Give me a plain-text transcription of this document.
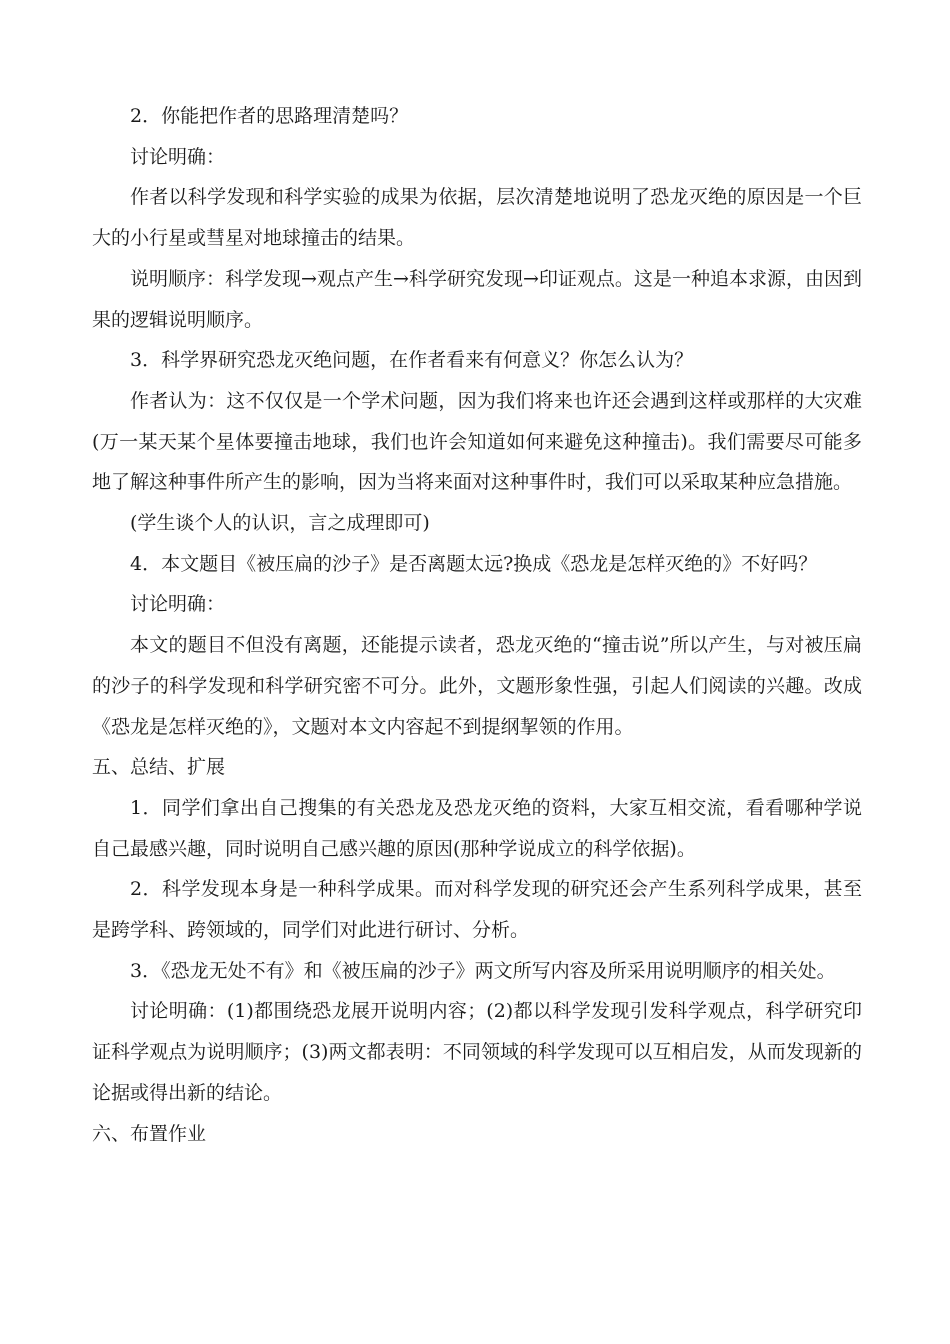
2．你能把作者的思路理清楚吗？

讨论明确：

作者以科学发现和科学实验的成果为依据，层次清楚地说明了恐龙灭绝的原因是一个巨大的小行星或彗星对地球撞击的结果。

说明顺序：科学发现→观点产生→科学研究发现→印证观点。这是一种追本求源，由因到果的逻辑说明顺序。

3．科学界研究恐龙灭绝问题，在作者看来有何意义？你怎么认为？

作者认为：这不仅仅是一个学术问题，因为我们将来也许还会遇到这样或那样的大灾难(万一某天某个星体要撞击地球，我们也许会知道如何来避免这种撞击)。我们需要尽可能多地了解这种事件所产生的影响，因为当将来面对这种事件时，我们可以采取某种应急措施。

(学生谈个人的认识，言之成理即可)

4．本文题目《被压扁的沙子》是否离题太远?换成《恐龙是怎样灭绝的》不好吗？

讨论明确：

本文的题目不但没有离题，还能提示读者，恐龙灭绝的“撞击说”所以产生，与对被压扁的沙子的科学发现和科学研究密不可分。此外，文题形象性强，引起人们阅读的兴趣。改成《恐龙是怎样灭绝的》，文题对本文内容起不到提纲挈领的作用。

五、总结、扩展

1．同学们拿出自己搜集的有关恐龙及恐龙灭绝的资料，大家互相交流，看看哪种学说自己最感兴趣，同时说明自己感兴趣的原因(那种学说成立的科学依据)。

2．科学发现本身是一种科学成果。而对科学发现的研究还会产生系列科学成果，甚至是跨学科、跨领域的，同学们对此进行研讨、分析。

3．《恐龙无处不有》和《被压扁的沙子》两文所写内容及所采用说明顺序的相关处。

讨论明确：(1)都围绕恐龙展开说明内容；(2)都以科学发现引发科学观点，科学研究印证科学观点为说明顺序；(3)两文都表明：不同领域的科学发现可以互相启发，从而发现新的论据或得出新的结论。

六、布置作业
